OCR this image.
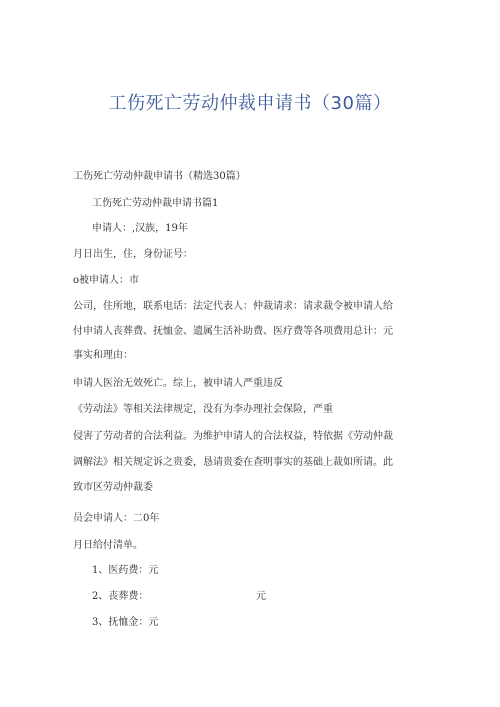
工伤死亡劳动仲裁申请书（30篇）
工伤死亡劳动仲裁申请书（精选30篇）
工伤死亡劳动仲裁申请书篇1
申请人：,汉族，19年
月日出生，住，身份证号：
o被申请人：市
公司，住所地，联系电话：法定代表人：仲裁请求：请求裁令被申请人给
付申请人丧葬费、抚恤金、遗属生活补助费、医疗费等各项费用总计：元
事实和理由：
申请人医治无效死亡。综上，被申请人严重违反
《劳动法》等相关法律规定，没有为李办理社会保险，严重
侵害了劳动者的合法利益。为维护申请人的合法权益，特依据《劳动仲裁
调解法》相关规定诉之贵委，恳请贵委在查明事实的基础上裁如所请。此
致市区劳动仲裁委
员会申请人：二0年
月日给付清单。
1、医药费：元
2、丧葬费：	元
3、抚恤金：元
